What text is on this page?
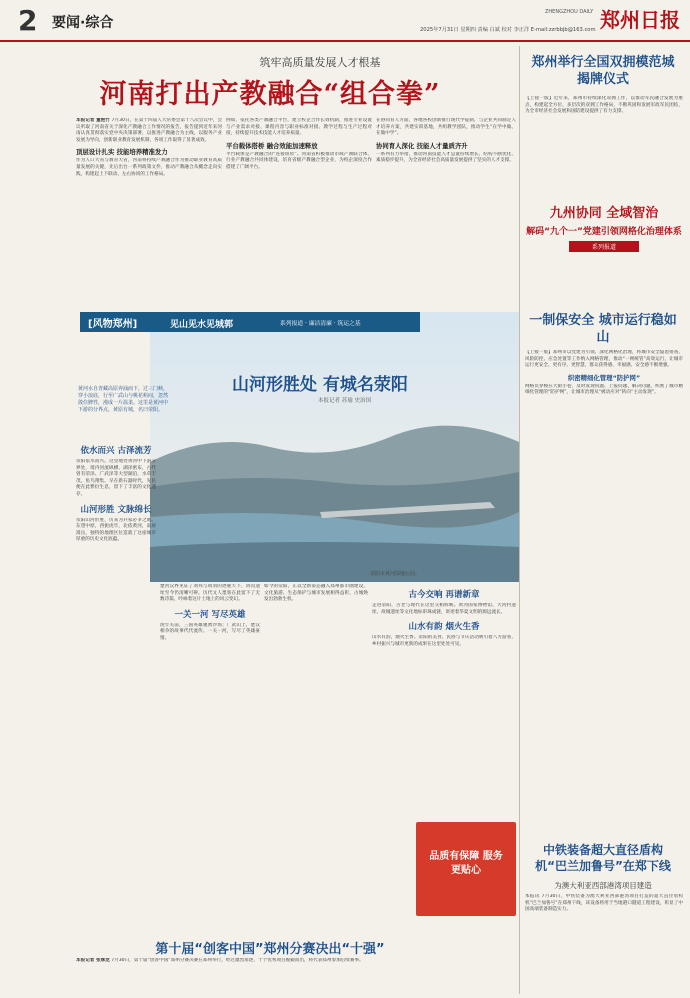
2 要闻·综合	2025年7月31日 星期四 责编 白斌 校对 李正洋 E-mail:zzrbbjb@163.com
ZHENGZHOU DAILY 郑州日报
筑牢高质量发展人才根基
河南打出产教融合“组合拳”
本报记者 董艳竹 7月30日，在第十四届人大常委会第十八次会议中，会议听取了河南省关于深化产教融合工作情况的报告，报告提到近年来河南认真贯彻落实党中央决策部署，以推进产教融合为主线，以服务产业发展为导向，创新职业教育发展机制，各项工作取得了显著成效。
顶层设计扎实 技能培养精准发力
作为人口大省与教育大省，河南将持续产教融合作为推动职业教育高质量发展的关键，先后出台一系列政策文件，推动产教融合从概念走向实践，构建起上下联动、左右协同的工作格局。
例如，依托各类产教融合平台，建立校企合作长效机制，推进专业设置与产业需求对接、课程内容与职业标准对接、教学过程与生产过程对接，持续提升技术技能人才培养质量。
平台载体搭桥 融合效能加速释放
平台载体是产教融合的“连接纽带”。河南省积极推动市域产教联合体、行业产教融合共同体建设，培育省级产教融合型企业，为校企深度合作搭建了广阔平台。
在协同育人方面，各地各校创新推行现代学徒制，与企业共同制定人才培养方案，共建实训基地，共组教学团队，推动学生“在学中做、在做中学”。
协同育人深化 技能人才量质齐升
一系列有力举措，推动河南技能人才总量持续增长、结构不断优化、素质稳步提升，为全省经济社会高质量发展提供了坚实的人才支撑。
[风物郑州]	见山见水见城郭	系列报道 · 廉洁清廉 · 筑运之基
黄河水自青藏高原奔涌而下，过三门峡，穿小浪底，行至广武山与桃花峪间，忽然敛住脾性，漫成一片温柔。这里是黄河中下游的分界点，黄原有城，名曰荥阳。
山河形胜处 有城名荥阳
本报记者 苏瑜 史治国
荥阳市黄河湿地公园。
依水而兴 古泽流芳
荥阳依水而兴。这里地处黄河中下游分界处，境内河流纵横、湖泽密布，古代曾有荥泽、广武泽等大型湖泊，水草丰茂，鱼鸟翔集。早在新石器时代，先民便在此繁衍生息，留下了丰富的文化遗存。
山河形胜 文脉绵长
荥阳山河形胜，历来为兵家必争之地。东望中原，西扼虎牢，北依黄河，南屏嵩岳，独特的地理区位造就了这座城市厚重的历史文化底蕴。
楚河汉界见证了刘邦与项羽的逐鹿天下，鸿沟遗址至今仍清晰可辨。历代文人墨客在此留下了无数诗篇，吟咏着这片土地上的风云变幻。
一关一河 写尽英雄
虎牢关前，三国英雄驰骋沙场；广武山上，楚汉相争的故事代代流传。一关一河，写尽了英雄豪情。
如今的荥阳，正以全新姿态融入郑州都市圈建设，文化旅游、生态保护与城市发展相得益彰，古城焕发出勃勃生机。	古今交响 再谱新章
走进荥阳，古老与现代在这里交相辉映。黄河国家博物馆、大河村遗址、故城遗址等文化地标串珠成链，讲述着华夏文明的源远流长。
山水有韵 烟火生香
山水有韵，烟火生香。荥阳的美食、民俗与节庆活动吸引着八方游客，乡村振兴与城市更新的成果在这里处处可见。
品质有保障 服务更贴心
第十届“创客中国”郑州分赛决出“十强”
本报记者 张姝龙 7月30日，第十届“创客中国”郑州分赛决赛在郑州举行，经过激烈角逐，十个优秀项目脱颖而出，将代表郑州参加后续赛事。
郑州举行全国双拥模范城揭牌仪式
【上接一版】近年来，郑州市持续深化双拥工作，以推动军民融合发展为重点，构建起全方位、多层次的双拥工作格局，不断巩固和发展军政军民团结，为全市经济社会发展和国防建设提供了有力支撑。
九州协同 全域智治
解码“九个一”党建引领网格化治理体系
系列报道
一制保安全 城市运行稳如山
【上接一版】郑州市以党建为引领，深化网格化治理，将城市安全隐患排查、风险防控、应急处置等工作纳入网格管理，推动“一网统管”高效运行，让城市运行更安全、更有序、更智慧，群众获得感、幸福感、安全感不断增强。
织密精细化管理“防护网”
网格员穿梭在大街小巷，及时发现问题、上报问题、解决问题，织密了城市精细化管理的“防护网”，让城市治理从“被动应对”转向“主动发现”。
中铁装备超大直径盾构机“巴兰加鲁号”在郑下线
为澳大利亚西部港湾项目建造
本报讯 7月30日，中铁装备为澳大利亚西部港湾项目打造的超大直径盾构机“巴兰加鲁号”在郑州下线，该设备将用于当地港口隧道工程建设，彰显了中国高端装备制造实力。
